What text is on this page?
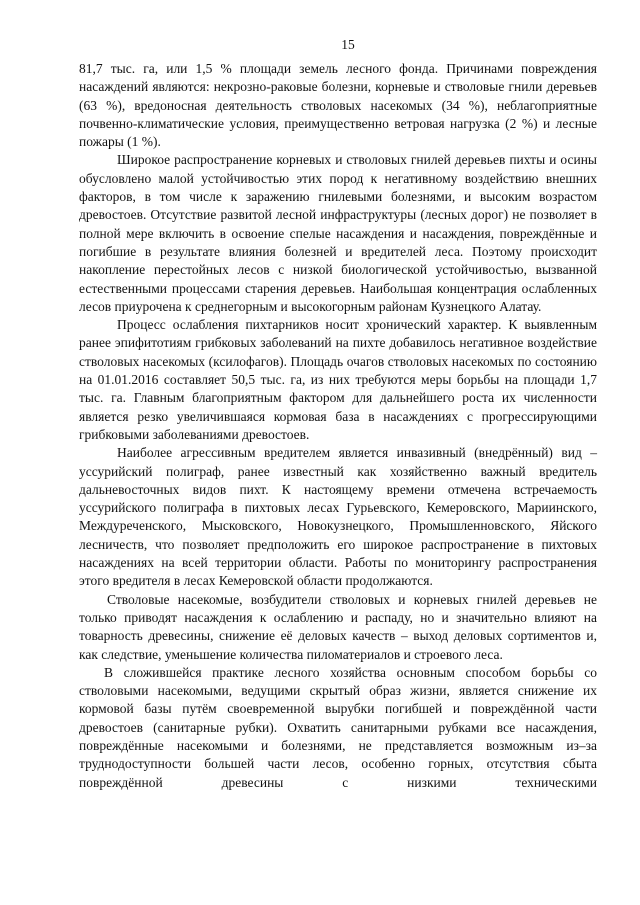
15

81,7 тыс. га, или 1,5 % площади земель лесного фонда. Причинами повреждения насаждений являются: некрозно-раковые болезни, корневые и стволовые гнили деревьев (63 %), вредоносная деятельность стволовых насекомых (34 %), неблагоприятные почвенно-климатические условия, преимущественно ветровая нагрузка (2 %) и лесные пожары (1 %).

Широкое распространение корневых и стволовых гнилей деревьев пихты и осины обусловлено малой устойчивостью этих пород к негативному воздействию внешних факторов, в том числе к заражению гнилевыми болезнями, и высоким возрастом древостоев. Отсутствие развитой лесной инфраструктуры (лесных дорог) не позволяет в полной мере включить в освоение спелые насаждения и насаждения, повреждённые и погибшие в результате влияния болезней и вредителей леса. Поэтому происходит накопление перестойных лесов с низкой биологической устойчивостью, вызванной естественными процессами старения деревьев. Наибольшая концентрация ослабленных лесов приурочена к среднегорным и высокогорным районам Кузнецкого Алатау.

Процесс ослабления пихтарников носит хронический характер. К выявленным ранее эпифитотиям грибковых заболеваний на пихте добавилось негативное воздействие стволовых насекомых (ксилофагов). Площадь очагов стволовых насекомых по состоянию на 01.01.2016 составляет 50,5 тыс. га, из них требуются меры борьбы на площади 1,7 тыс. га. Главным благоприятным фактором для дальнейшего роста их численности является резко увеличившаяся кормовая база в насаждениях с прогрессирующими грибковыми заболеваниями древостоев.

Наиболее агрессивным вредителем является инвазивный (внедрённый) вид – уссурийский полиграф, ранее известный как хозяйственно важный вредитель дальневосточных видов пихт. К настоящему времени отмечена встречаемость уссурийского полиграфа в пихтовых лесах Гурьевского, Кемеровского, Мариинского, Междуреченского, Мысковского, Новокузнецкого, Промышленновского, Яйского лесничеств, что позволяет предположить его широкое распространение в пихтовых насаждениях на всей территории области. Работы по мониторингу распространения этого вредителя в лесах Кемеровской области продолжаются.

Стволовые насекомые, возбудители стволовых и корневых гнилей деревьев не только приводят насаждения к ослаблению и распаду, но и значительно влияют на товарность древесины, снижение её деловых качеств – выход деловых сортиментов и, как следствие, уменьшение количества пиломатериалов и строевого леса.

В сложившейся практике лесного хозяйства основным способом борьбы со стволовыми насекомыми, ведущими скрытый образ жизни, является снижение их кормовой базы путём своевременной вырубки погибшей и повреждённой части древостоев (санитарные рубки). Охватить санитарными рубками все насаждения, повреждённые насекомыми и болезнями, не представляется возможным из–за труднодоступности большей части лесов, особенно горных, отсутствия сбыта повреждённой древесины с низкими техническими
